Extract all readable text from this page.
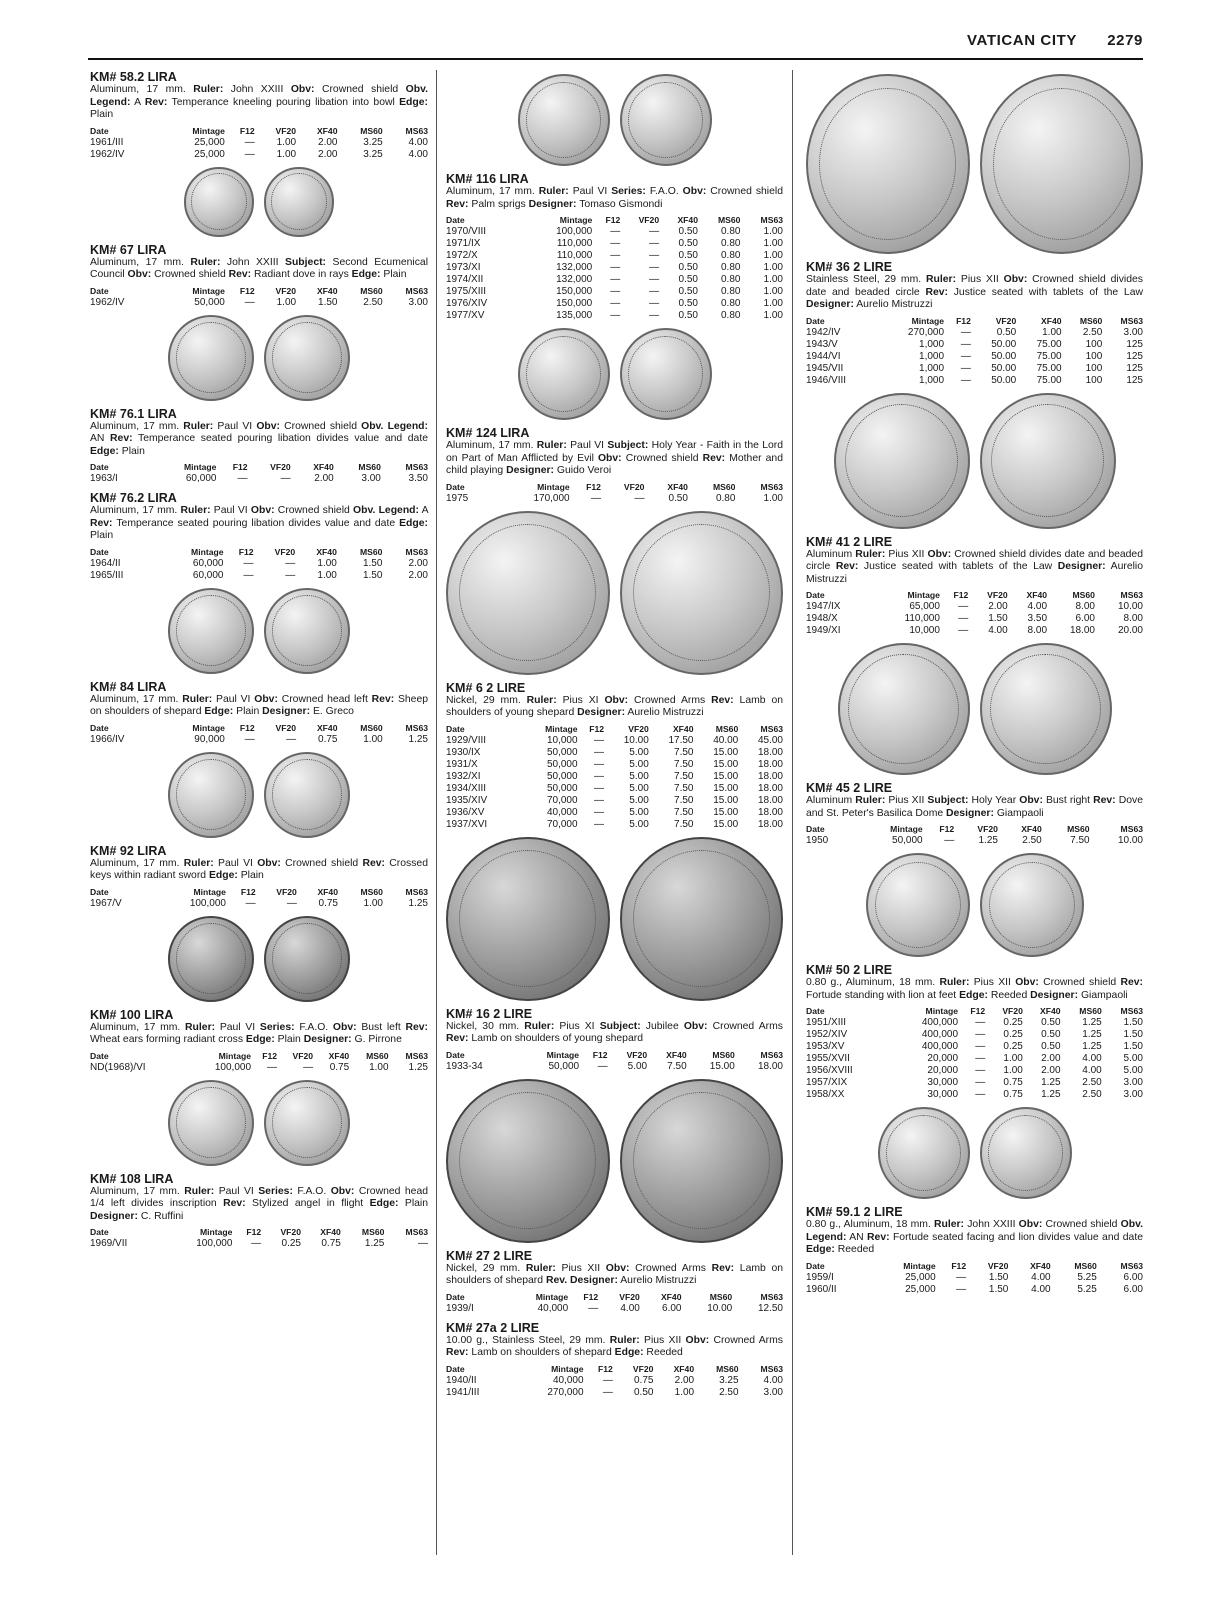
VATICAN CITY 2279
KM# 58.2 LIRA
Aluminum, 17 mm. Ruler: John XXIII Obv: Crowned shield Obv. Legend: A Rev: Temperance kneeling pouring libation into bowl Edge: Plain
Date	Mintage	F12	VF20	XF40	MS60	MS63
1961/III	25,000	—	1.00	2.00	3.25	4.00
1962/IV	25,000	—	1.00	2.00	3.25	4.00
KM# 67 LIRA
Aluminum, 17 mm. Ruler: John XXIII Subject: Second Ecumenical Council Obv: Crowned shield Rev: Radiant dove in rays Edge: Plain
Date	Mintage	F12	VF20	XF40	MS60	MS63
1962/IV	50,000	—	1.00	1.50	2.50	3.00
KM# 76.1 LIRA
Aluminum, 17 mm. Ruler: Paul VI Obv: Crowned shield Obv. Legend: AN Rev: Temperance seated pouring libation divides value and date Edge: Plain
Date	Mintage	F12	VF20	XF40	MS60	MS63
1963/I	60,000	—	—	2.00	3.00	3.50
KM# 76.2 LIRA
Aluminum, 17 mm. Ruler: Paul VI Obv: Crowned shield Obv. Legend: A Rev: Temperance seated pouring libation divides value and date Edge: Plain
Date	Mintage	F12	VF20	XF40	MS60	MS63
1964/II	60,000	—	—	1.00	1.50	2.00
1965/III	60,000	—	—	1.00	1.50	2.00
KM# 84 LIRA
Aluminum, 17 mm. Ruler: Paul VI Obv: Crowned head left Rev: Sheep on shoulders of shepard Edge: Plain Designer: E. Greco
Date	Mintage	F12	VF20	XF40	MS60	MS63
1966/IV	90,000	—	—	0.75	1.00	1.25
KM# 92 LIRA
Aluminum, 17 mm. Ruler: Paul VI Obv: Crowned shield Rev: Crossed keys within radiant sword Edge: Plain
Date	Mintage	F12	VF20	XF40	MS60	MS63
1967/V	100,000	—	—	0.75	1.00	1.25
KM# 100 LIRA
Aluminum, 17 mm. Ruler: Paul VI Series: F.A.O. Obv: Bust left Rev: Wheat ears forming radiant cross Edge: Plain Designer: G. Pirrone
Date	Mintage	F12	VF20	XF40	MS60	MS63
ND(1968)/VI	100,000	—	—	0.75	1.00	1.25
KM# 108 LIRA
Aluminum, 17 mm. Ruler: Paul VI Series: F.A.O. Obv: Crowned head 1/4 left divides inscription Rev: Stylized angel in flight Edge: Plain Designer: C. Ruffini
Date	Mintage	F12	VF20	XF40	MS60	MS63
1969/VII	100,000	—	0.25	0.75	1.25	—
KM# 116 LIRA
Aluminum, 17 mm. Ruler: Paul VI Series: F.A.O. Obv: Crowned shield Rev: Palm sprigs Designer: Tomaso Gismondi
Date	Mintage	F12	VF20	XF40	MS60	MS63
1970/VIII	100,000	—	—	0.50	0.80	1.00
1971/IX	110,000	—	—	0.50	0.80	1.00
1972/X	110,000	—	—	0.50	0.80	1.00
1973/XI	132,000	—	—	0.50	0.80	1.00
1974/XII	132,000	—	—	0.50	0.80	1.00
1975/XIII	150,000	—	—	0.50	0.80	1.00
1976/XIV	150,000	—	—	0.50	0.80	1.00
1977/XV	135,000	—	—	0.50	0.80	1.00
KM# 124 LIRA
Aluminum, 17 mm. Ruler: Paul VI Subject: Holy Year - Faith in the Lord on Part of Man Afflicted by Evil Obv: Crowned shield Rev: Mother and child playing Designer: Guido Veroi
Date	Mintage	F12	VF20	XF40	MS60	MS63
1975	170,000	—	—	0.50	0.80	1.00
KM# 6 2 LIRE
Nickel, 29 mm. Ruler: Pius XI Obv: Crowned Arms Rev: Lamb on shoulders of young shepard Designer: Aurelio Mistruzzi
Date	Mintage	F12	VF20	XF40	MS60	MS63
1929/VIII	10,000	—	10.00	17.50	40.00	45.00
1930/IX	50,000	—	5.00	7.50	15.00	18.00
1931/X	50,000	—	5.00	7.50	15.00	18.00
1932/XI	50,000	—	5.00	7.50	15.00	18.00
1934/XIII	50,000	—	5.00	7.50	15.00	18.00
1935/XIV	70,000	—	5.00	7.50	15.00	18.00
1936/XV	40,000	—	5.00	7.50	15.00	18.00
1937/XVI	70,000	—	5.00	7.50	15.00	18.00
KM# 16 2 LIRE
Nickel, 30 mm. Ruler: Pius XI Subject: Jubilee Obv: Crowned Arms Rev: Lamb on shoulders of young shepard
Date	Mintage	F12	VF20	XF40	MS60	MS63
1933-34	50,000	—	5.00	7.50	15.00	18.00
KM# 27 2 LIRE
Nickel, 29 mm. Ruler: Pius XII Obv: Crowned Arms Rev: Lamb on shoulders of shepard Rev. Designer: Aurelio Mistruzzi
Date	Mintage	F12	VF20	XF40	MS60	MS63
1939/I	40,000	—	4.00	6.00	10.00	12.50
KM# 27a 2 LIRE
10.00 g., Stainless Steel, 29 mm. Ruler: Pius XII Obv: Crowned Arms Rev: Lamb on shoulders of shepard Edge: Reeded
Date	Mintage	F12	VF20	XF40	MS60	MS63
1940/II	40,000	—	0.75	2.00	3.25	4.00
1941/III	270,000	—	0.50	1.00	2.50	3.00
KM# 36 2 LIRE
Stainless Steel, 29 mm. Ruler: Pius XII Obv: Crowned shield divides date and beaded circle Rev: Justice seated with tablets of the Law Designer: Aurelio Mistruzzi
Date	Mintage	F12	VF20	XF40	MS60	MS63
1942/IV	270,000	—	0.50	1.00	2.50	3.00
1943/V	1,000	—	50.00	75.00	100	125
1944/VI	1,000	—	50.00	75.00	100	125
1945/VII	1,000	—	50.00	75.00	100	125
1946/VIII	1,000	—	50.00	75.00	100	125
KM# 41 2 LIRE
Aluminum Ruler: Pius XII Obv: Crowned shield divides date and beaded circle Rev: Justice seated with tablets of the Law Designer: Aurelio Mistruzzi
Date	Mintage	F12	VF20	XF40	MS60	MS63
1947/IX	65,000	—	2.00	4.00	8.00	10.00
1948/X	110,000	—	1.50	3.50	6.00	8.00
1949/XI	10,000	—	4.00	8.00	18.00	20.00
KM# 45 2 LIRE
Aluminum Ruler: Pius XII Subject: Holy Year Obv: Bust right Rev: Dove and St. Peter's Basilica Dome Designer: Giampaoli
Date	Mintage	F12	VF20	XF40	MS60	MS63
1950	50,000	—	1.25	2.50	7.50	10.00
KM# 50 2 LIRE
0.80 g., Aluminum, 18 mm. Ruler: Pius XII Obv: Crowned shield Rev: Fortude standing with lion at feet Edge: Reeded Designer: Giampaoli
Date	Mintage	F12	VF20	XF40	MS60	MS63
1951/XIII	400,000	—	0.25	0.50	1.25	1.50
1952/XIV	400,000	—	0.25	0.50	1.25	1.50
1953/XV	400,000	—	0.25	0.50	1.25	1.50
1955/XVII	20,000	—	1.00	2.00	4.00	5.00
1956/XVIII	20,000	—	1.00	2.00	4.00	5.00
1957/XIX	30,000	—	0.75	1.25	2.50	3.00
1958/XX	30,000	—	0.75	1.25	2.50	3.00
KM# 59.1 2 LIRE
0.80 g., Aluminum, 18 mm. Ruler: John XXIII Obv: Crowned shield Obv. Legend: AN Rev: Fortude seated facing and lion divides value and date Edge: Reeded
Date	Mintage	F12	VF20	XF40	MS60	MS63
1959/I	25,000	—	1.50	4.00	5.25	6.00
1960/II	25,000	—	1.50	4.00	5.25	6.00
